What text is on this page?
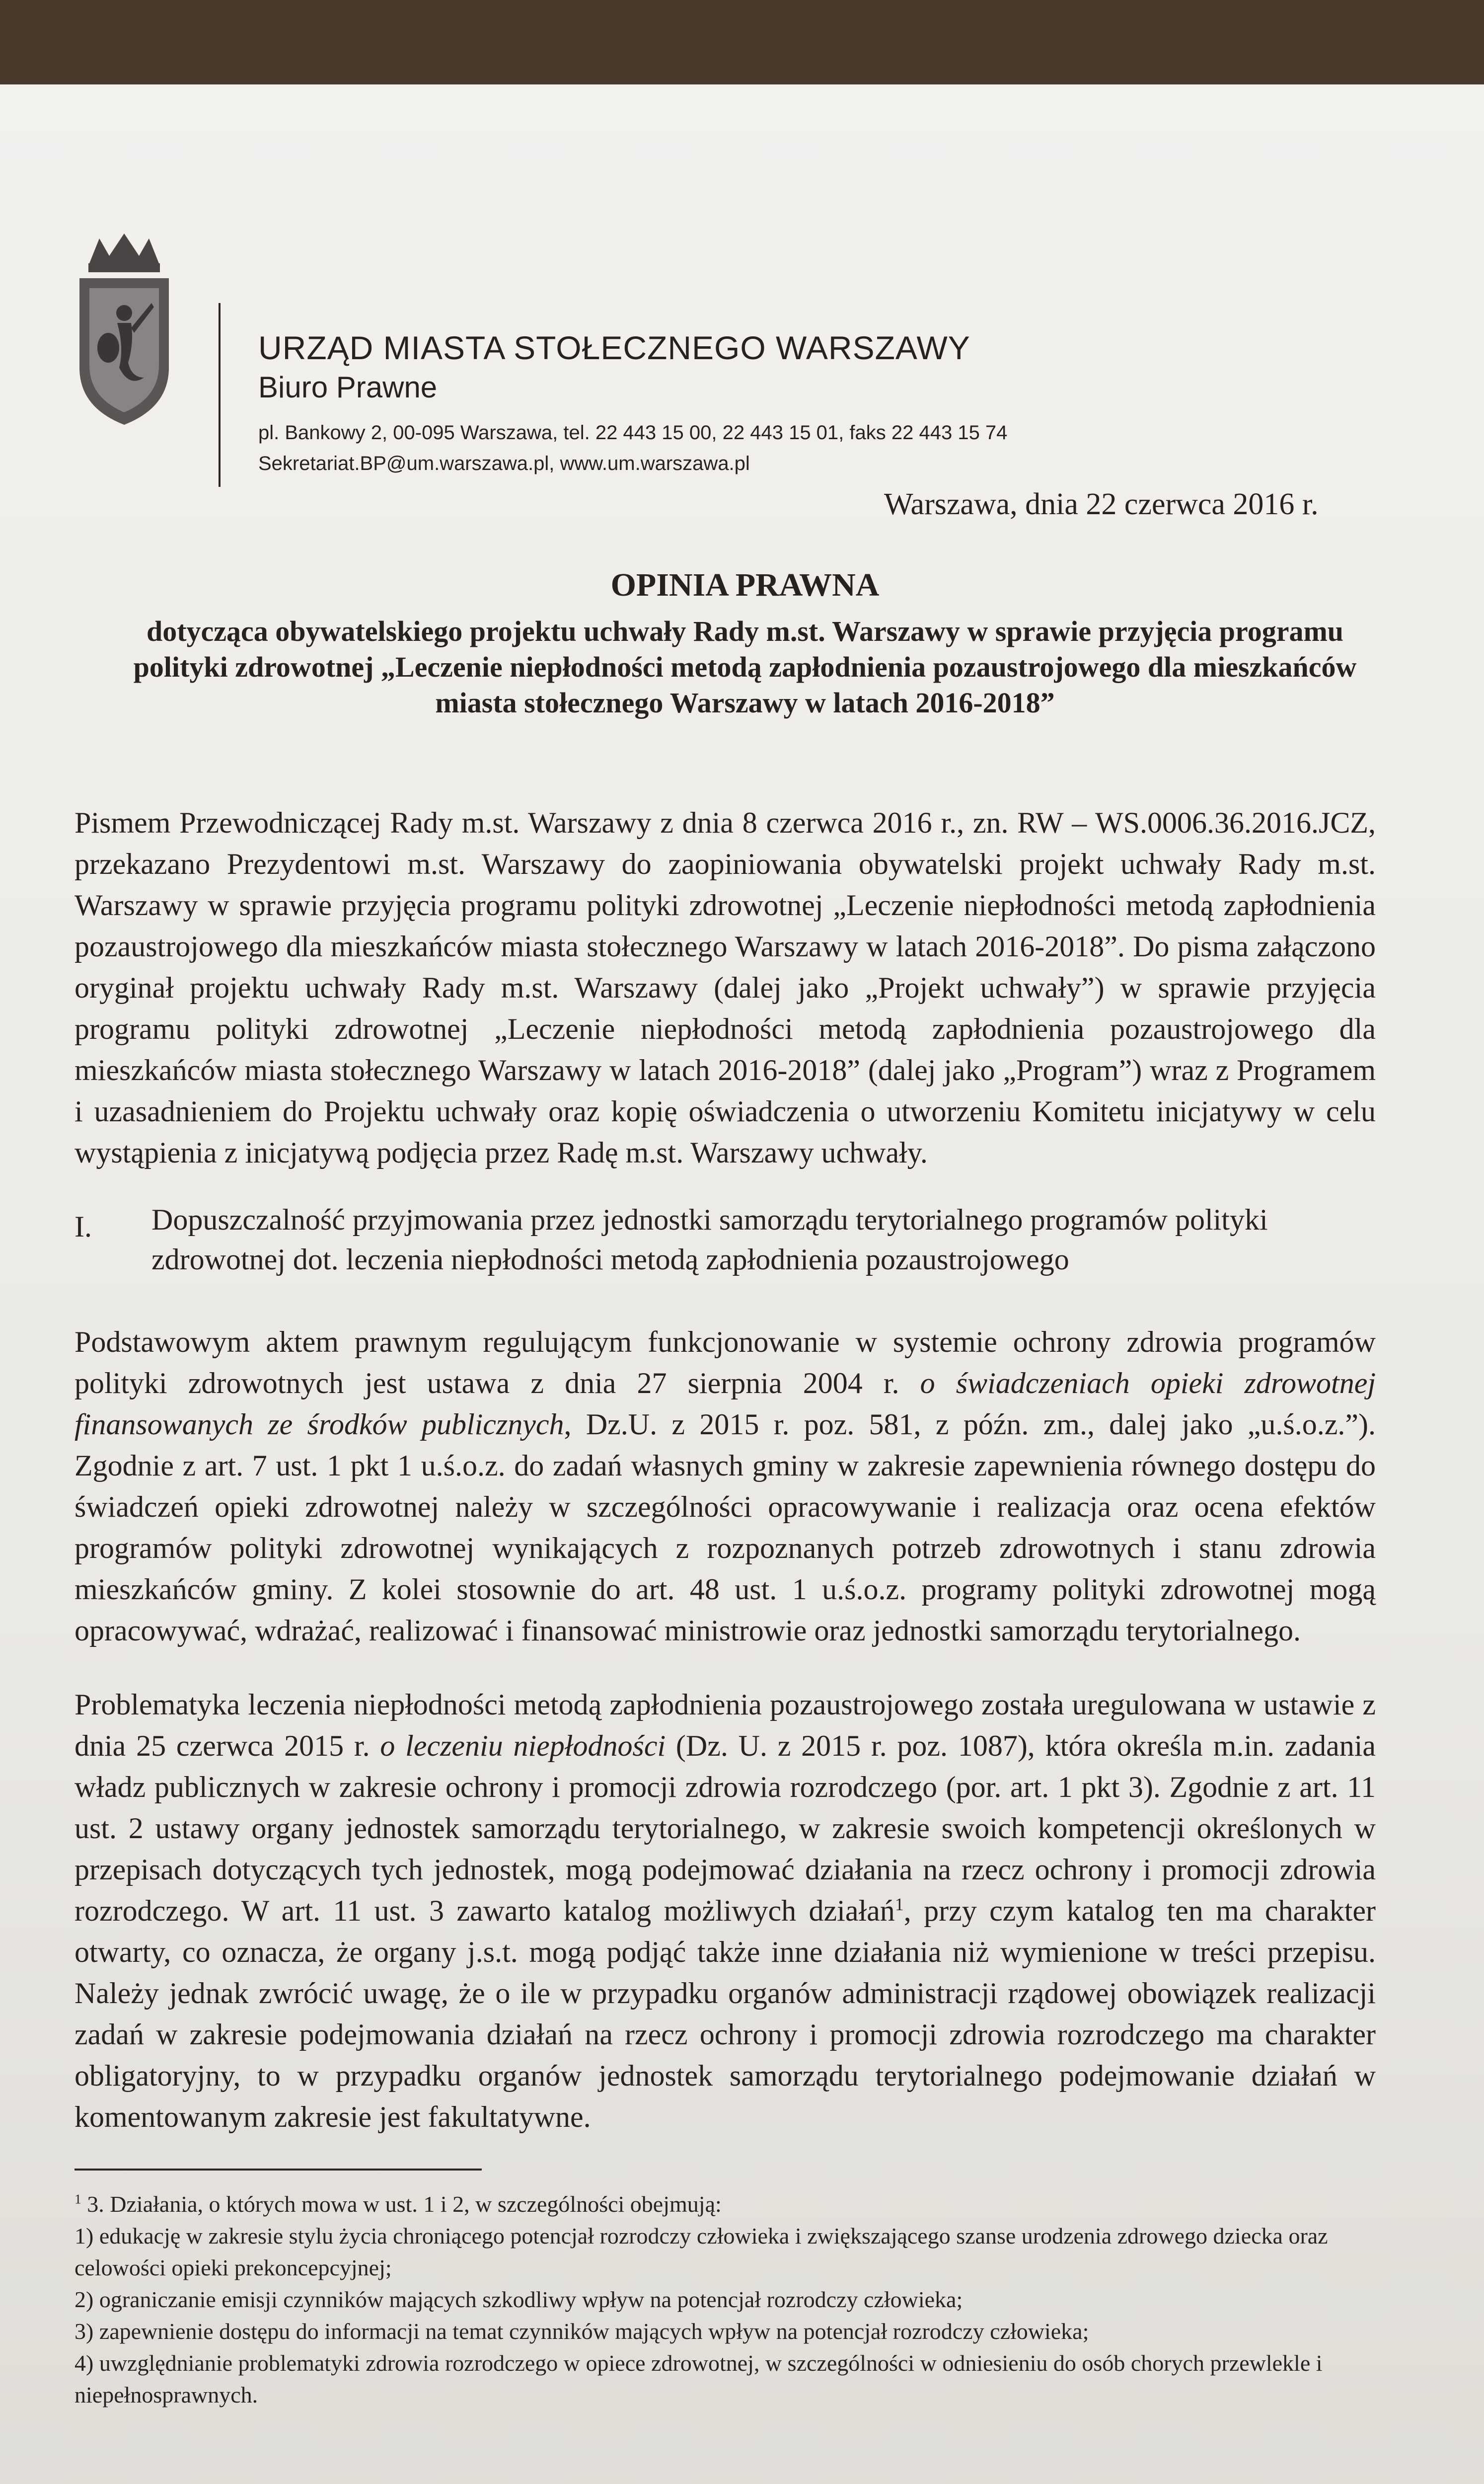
URZĄD MIASTA STOŁECZNEGO WARSZAWY
Biuro Prawne
pl. Bankowy 2, 00-095 Warszawa, tel. 22 443 15 00, 22 443 15 01, faks 22 443 15 74
Sekretariat.BP@um.warszawa.pl, www.um.warszawa.pl
Warszawa, dnia 22 czerwca 2016 r.
OPINIA PRAWNA
dotycząca obywatelskiego projektu uchwały Rady m.st. Warszawy w sprawie przyjęcia programu polityki zdrowotnej „Leczenie niepłodności metodą zapłodnienia pozaustrojowego dla mieszkańców miasta stołecznego Warszawy w latach 2016-2018”
Pismem Przewodniczącej Rady m.st. Warszawy z dnia 8 czerwca 2016 r., zn. RW – WS.0006.36.2016.JCZ, przekazano Prezydentowi m.st. Warszawy do zaopiniowania obywatelski projekt uchwały Rady m.st. Warszawy w sprawie przyjęcia programu polityki zdrowotnej „Leczenie niepłodności metodą zapłodnienia pozaustrojowego dla mieszkańców miasta stołecznego Warszawy w latach 2016-2018”. Do pisma załączono oryginał projektu uchwały Rady m.st. Warszawy (dalej jako „Projekt uchwały”) w sprawie przyjęcia programu polityki zdrowotnej „Leczenie niepłodności metodą zapłodnienia pozaustrojowego dla mieszkańców miasta stołecznego Warszawy w latach 2016-2018” (dalej jako „Program”) wraz z Programem i uzasadnieniem do Projektu uchwały oraz kopię oświadczenia o utworzeniu Komitetu inicjatywy w celu wystąpienia z inicjatywą podjęcia przez Radę m.st. Warszawy uchwały.
I. Dopuszczalność przyjmowania przez jednostki samorządu terytorialnego programów polityki zdrowotnej dot. leczenia niepłodności metodą zapłodnienia pozaustrojowego
Podstawowym aktem prawnym regulującym funkcjonowanie w systemie ochrony zdrowia programów polityki zdrowotnych jest ustawa z dnia 27 sierpnia 2004 r. o świadczeniach opieki zdrowotnej finansowanych ze środków publicznych, Dz.U. z 2015 r. poz. 581, z późn. zm., dalej jako „u.ś.o.z.”). Zgodnie z art. 7 ust. 1 pkt 1 u.ś.o.z. do zadań własnych gminy w zakresie zapewnienia równego dostępu do świadczeń opieki zdrowotnej należy w szczególności opracowywanie i realizacja oraz ocena efektów programów polityki zdrowotnej wynikających z rozpoznanych potrzeb zdrowotnych i stanu zdrowia mieszkańców gminy. Z kolei stosownie do art. 48 ust. 1 u.ś.o.z. programy polityki zdrowotnej mogą opracowywać, wdrażać, realizować i finansować ministrowie oraz jednostki samorządu terytorialnego.
Problematyka leczenia niepłodności metodą zapłodnienia pozaustrojowego została uregulowana w ustawie z dnia 25 czerwca 2015 r. o leczeniu niepłodności (Dz. U. z 2015 r. poz. 1087), która określa m.in. zadania władz publicznych w zakresie ochrony i promocji zdrowia rozrodczego (por. art. 1 pkt 3). Zgodnie z art. 11 ust. 2 ustawy organy jednostek samorządu terytorialnego, w zakresie swoich kompetencji określonych w przepisach dotyczących tych jednostek, mogą podejmować działania na rzecz ochrony i promocji zdrowia rozrodczego. W art. 11 ust. 3 zawarto katalog możliwych działań$^1$, przy czym katalog ten ma charakter otwarty, co oznacza, że organy j.s.t. mogą podjąć także inne działania niż wymienione w treści przepisu. Należy jednak zwrócić uwagę, że o ile w przypadku organów administracji rządowej obowiązek realizacji zadań w zakresie podejmowania działań na rzecz ochrony i promocji zdrowia rozrodczego ma charakter obligatoryjny, to w przypadku organów jednostek samorządu terytorialnego podejmowanie działań w komentowanym zakresie jest fakultatywne.
$^1$ 3. Działania, o których mowa w ust. 1 i 2, w szczególności obejmują:
1) edukację w zakresie stylu życia chroniącego potencjał rozrodczy człowieka i zwiększającego szanse urodzenia zdrowego dziecka oraz celowości opieki prekoncepcyjnej;
2) ograniczanie emisji czynników mających szkodliwy wpływ na potencjał rozrodczy człowieka;
3) zapewnienie dostępu do informacji na temat czynników mających wpływ na potencjał rozrodczy człowieka;
4) uwzględnianie problematyki zdrowia rozrodczego w opiece zdrowotnej, w szczególności w odniesieniu do osób chorych przewlekle i niepełnosprawnych.
